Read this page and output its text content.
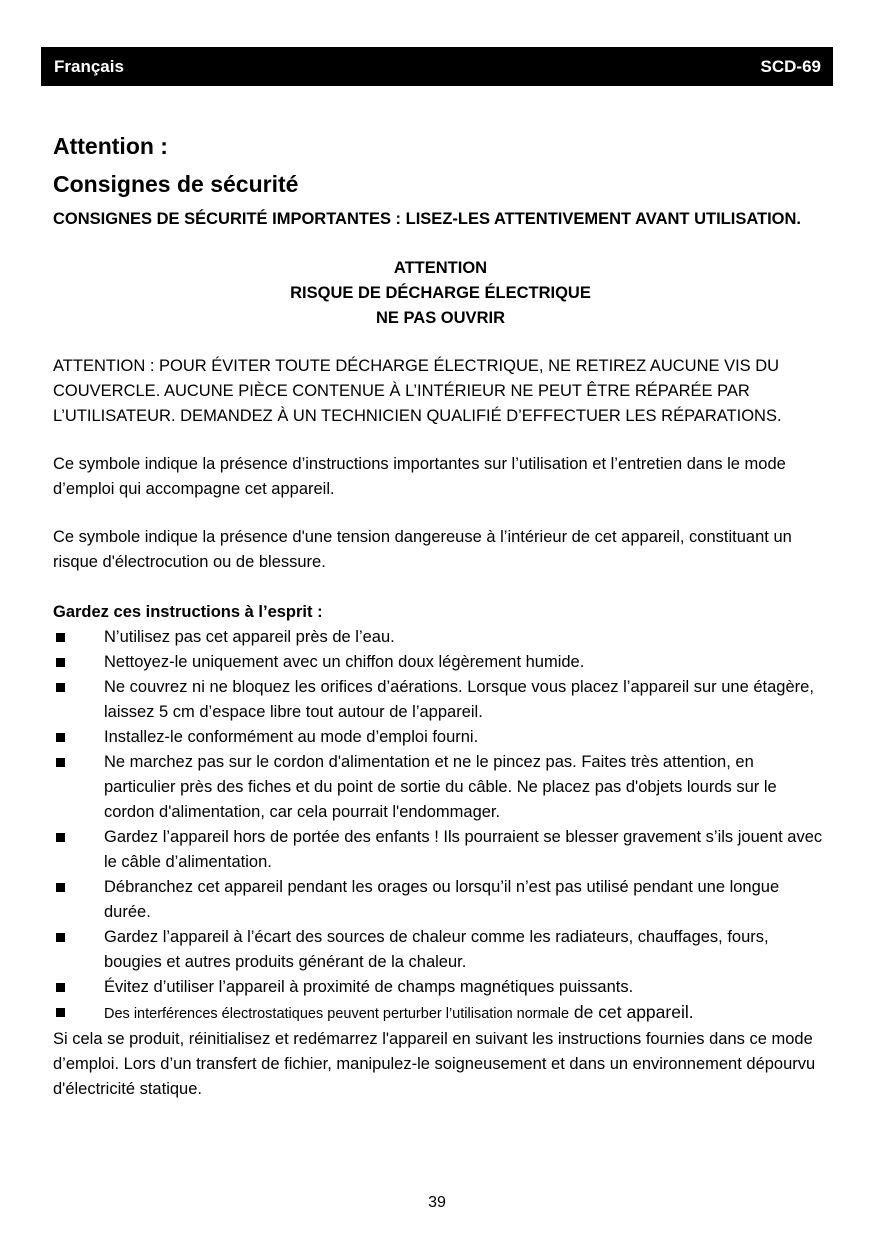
Français	SCD-69

Attention :

Consignes de sécurité

CONSIGNES DE SÉCURITÉ IMPORTANTES : LISEZ-LES ATTENTIVEMENT AVANT UTILISATION.

ATTENTION
RISQUE DE DÉCHARGE ÉLECTRIQUE
NE PAS OUVRIR

ATTENTION : POUR ÉVITER TOUTE DÉCHARGE ÉLECTRIQUE, NE RETIREZ AUCUNE VIS DU COUVERCLE. AUCUNE PIÈCE CONTENUE À L’INTÉRIEUR NE PEUT ÊTRE RÉPARÉE PAR L’UTILISATEUR. DEMANDEZ À UN TECHNICIEN QUALIFIÉ D’EFFECTUER LES RÉPARATIONS.

Ce symbole indique la présence d’instructions importantes sur l’utilisation et l’entretien dans le mode d’emploi qui accompagne cet appareil.

Ce symbole indique la présence d'une tension dangereuse à l’intérieur de cet appareil, constituant un risque d'électrocution ou de blessure.

Gardez ces instructions à l’esprit :

N’utilisez pas cet appareil près de l’eau.
Nettoyez-le uniquement avec un chiffon doux légèrement humide.
Ne couvrez ni ne bloquez les orifices d’aérations. Lorsque vous placez l’appareil sur une étagère, laissez 5 cm d’espace libre tout autour de l’appareil.
Installez-le conformément au mode d’emploi fourni.
Ne marchez pas sur le cordon d'alimentation et ne le pincez pas. Faites très attention, en particulier près des fiches et du point de sortie du câble. Ne placez pas d'objets lourds sur le cordon d'alimentation, car cela pourrait l'endommager.
Gardez l’appareil hors de portée des enfants ! Ils pourraient se blesser gravement s’ils jouent avec le câble d’alimentation.
Débranchez cet appareil pendant les orages ou lorsqu’il n’est pas utilisé pendant une longue durée.
Gardez l’appareil à l’écart des sources de chaleur comme les radiateurs, chauffages, fours, bougies et autres produits générant de la chaleur.
Évitez d’utiliser l’appareil à proximité de champs magnétiques puissants.
Des interférences électrostatiques peuvent perturber l’utilisation normale de cet appareil.

Si cela se produit, réinitialisez et redémarrez l'appareil en suivant les instructions fournies dans ce mode d’emploi. Lors d’un transfert de fichier, manipulez-le soigneusement et dans un environnement dépourvu d'électricité statique.

39
